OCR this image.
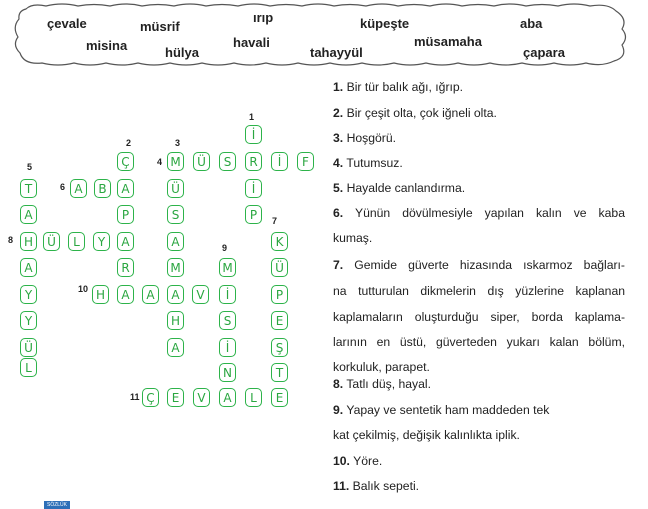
çevale	müsrif
ırıp	küpeşte	aba
misina	hülya
havali
tahayyül
müsamaha
çapara
1
2	3
4
5
6
7
8
9
10
11
İ
R
İ
P
Ç
A
P
A
R
A
M
Ü
S
A
M
A
H
A
Ü	S	İ	F
T
A
H
A
Y
Y
Ü
L
A	B
K
Ü
P
E
Ş
T
Ü	L	Y
M
İ
S
İ
N
A
H	A	V
Ç	E	V	L	E
1. Bir tür balık ağı, ığrıp.
2. Bir çeşit olta, çok iğneli olta.
3. Hoşgörü.
4. Tutumsuz.
5. Hayalde canlandırma.
6. Yünün dövülmesiyle yapılan kalın ve kaba
kumaş.
7. Gemide güverte hizasında ıskarmoz bağları-
na tutturulan dikmelerin dış yüzlerine kaplanan
kaplamaların oluşturduğu siper, borda kaplama-
larının en üstü, güverteden yukarı kalan bölüm,
korkuluk, parapet.
8. Tatlı düş, hayal.
9. Yapay ve sentetik ham maddeden tek
kat çekilmiş, değişik kalınlıkta iplik.
10. Yöre.
11. Balık sepeti.
SÖZLÜK
